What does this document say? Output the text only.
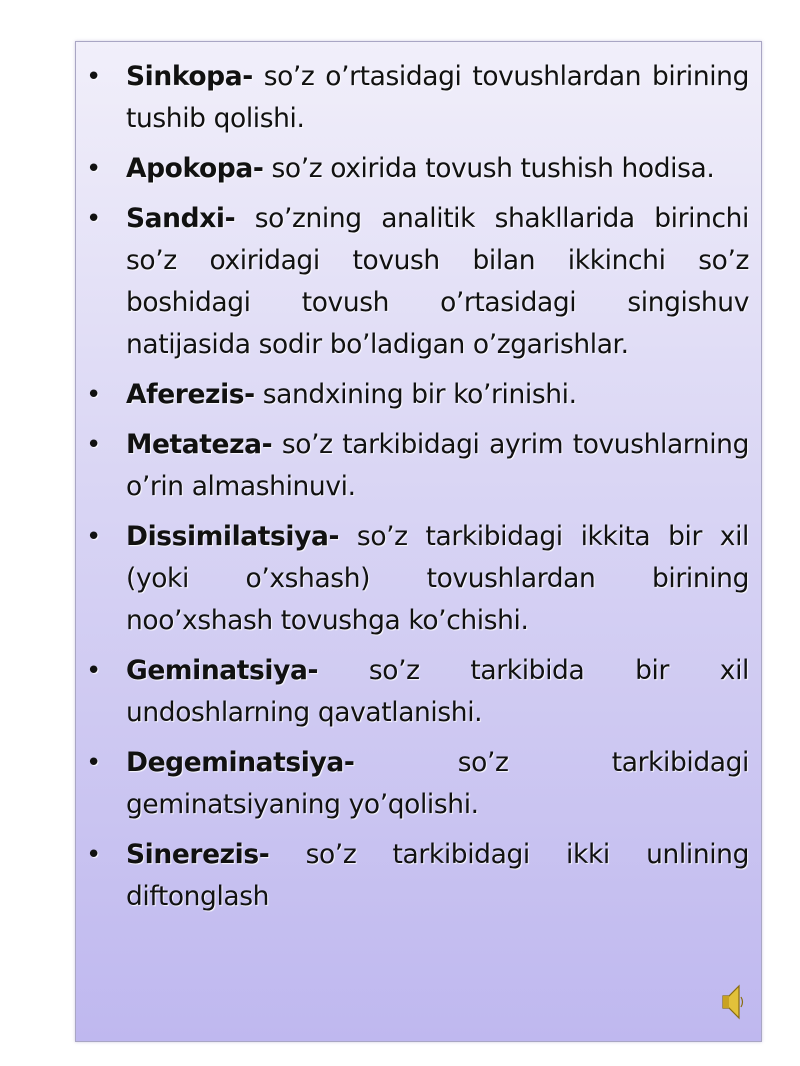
• Sinkopa- so’z o’rtasidagi tovushlardan birining tushib qolishi.
• Apokopa- so’z oxirida tovush tushish hodisa.
• Sandxi- so’zning analitik shakllarida birinchi so’z oxiridagi tovush bilan ikkinchi so’z boshidagi tovush o’rtasidagi singishuv natijasida sodir bo’ladigan o’zgarishlar.
• Aferezis- sandxining bir ko’rinishi.
• Metateza- so’z tarkibidagi ayrim tovushlarning o’rin almashinuvi.
• Dissimilatsiya- so’z tarkibidagi ikkita bir xil (yoki o’xshash) tovushlardan birining noo’xshash tovushga ko’chishi.
• Geminatsiya- so’z tarkibida bir xil undoshlarning qavatlanishi.
• Degeminatsiya-	so’z tarkibidagi geminatsiyaning yo’qolishi.
• Sinerezis- so’z tarkibidagi ikki unlining diftonglash
